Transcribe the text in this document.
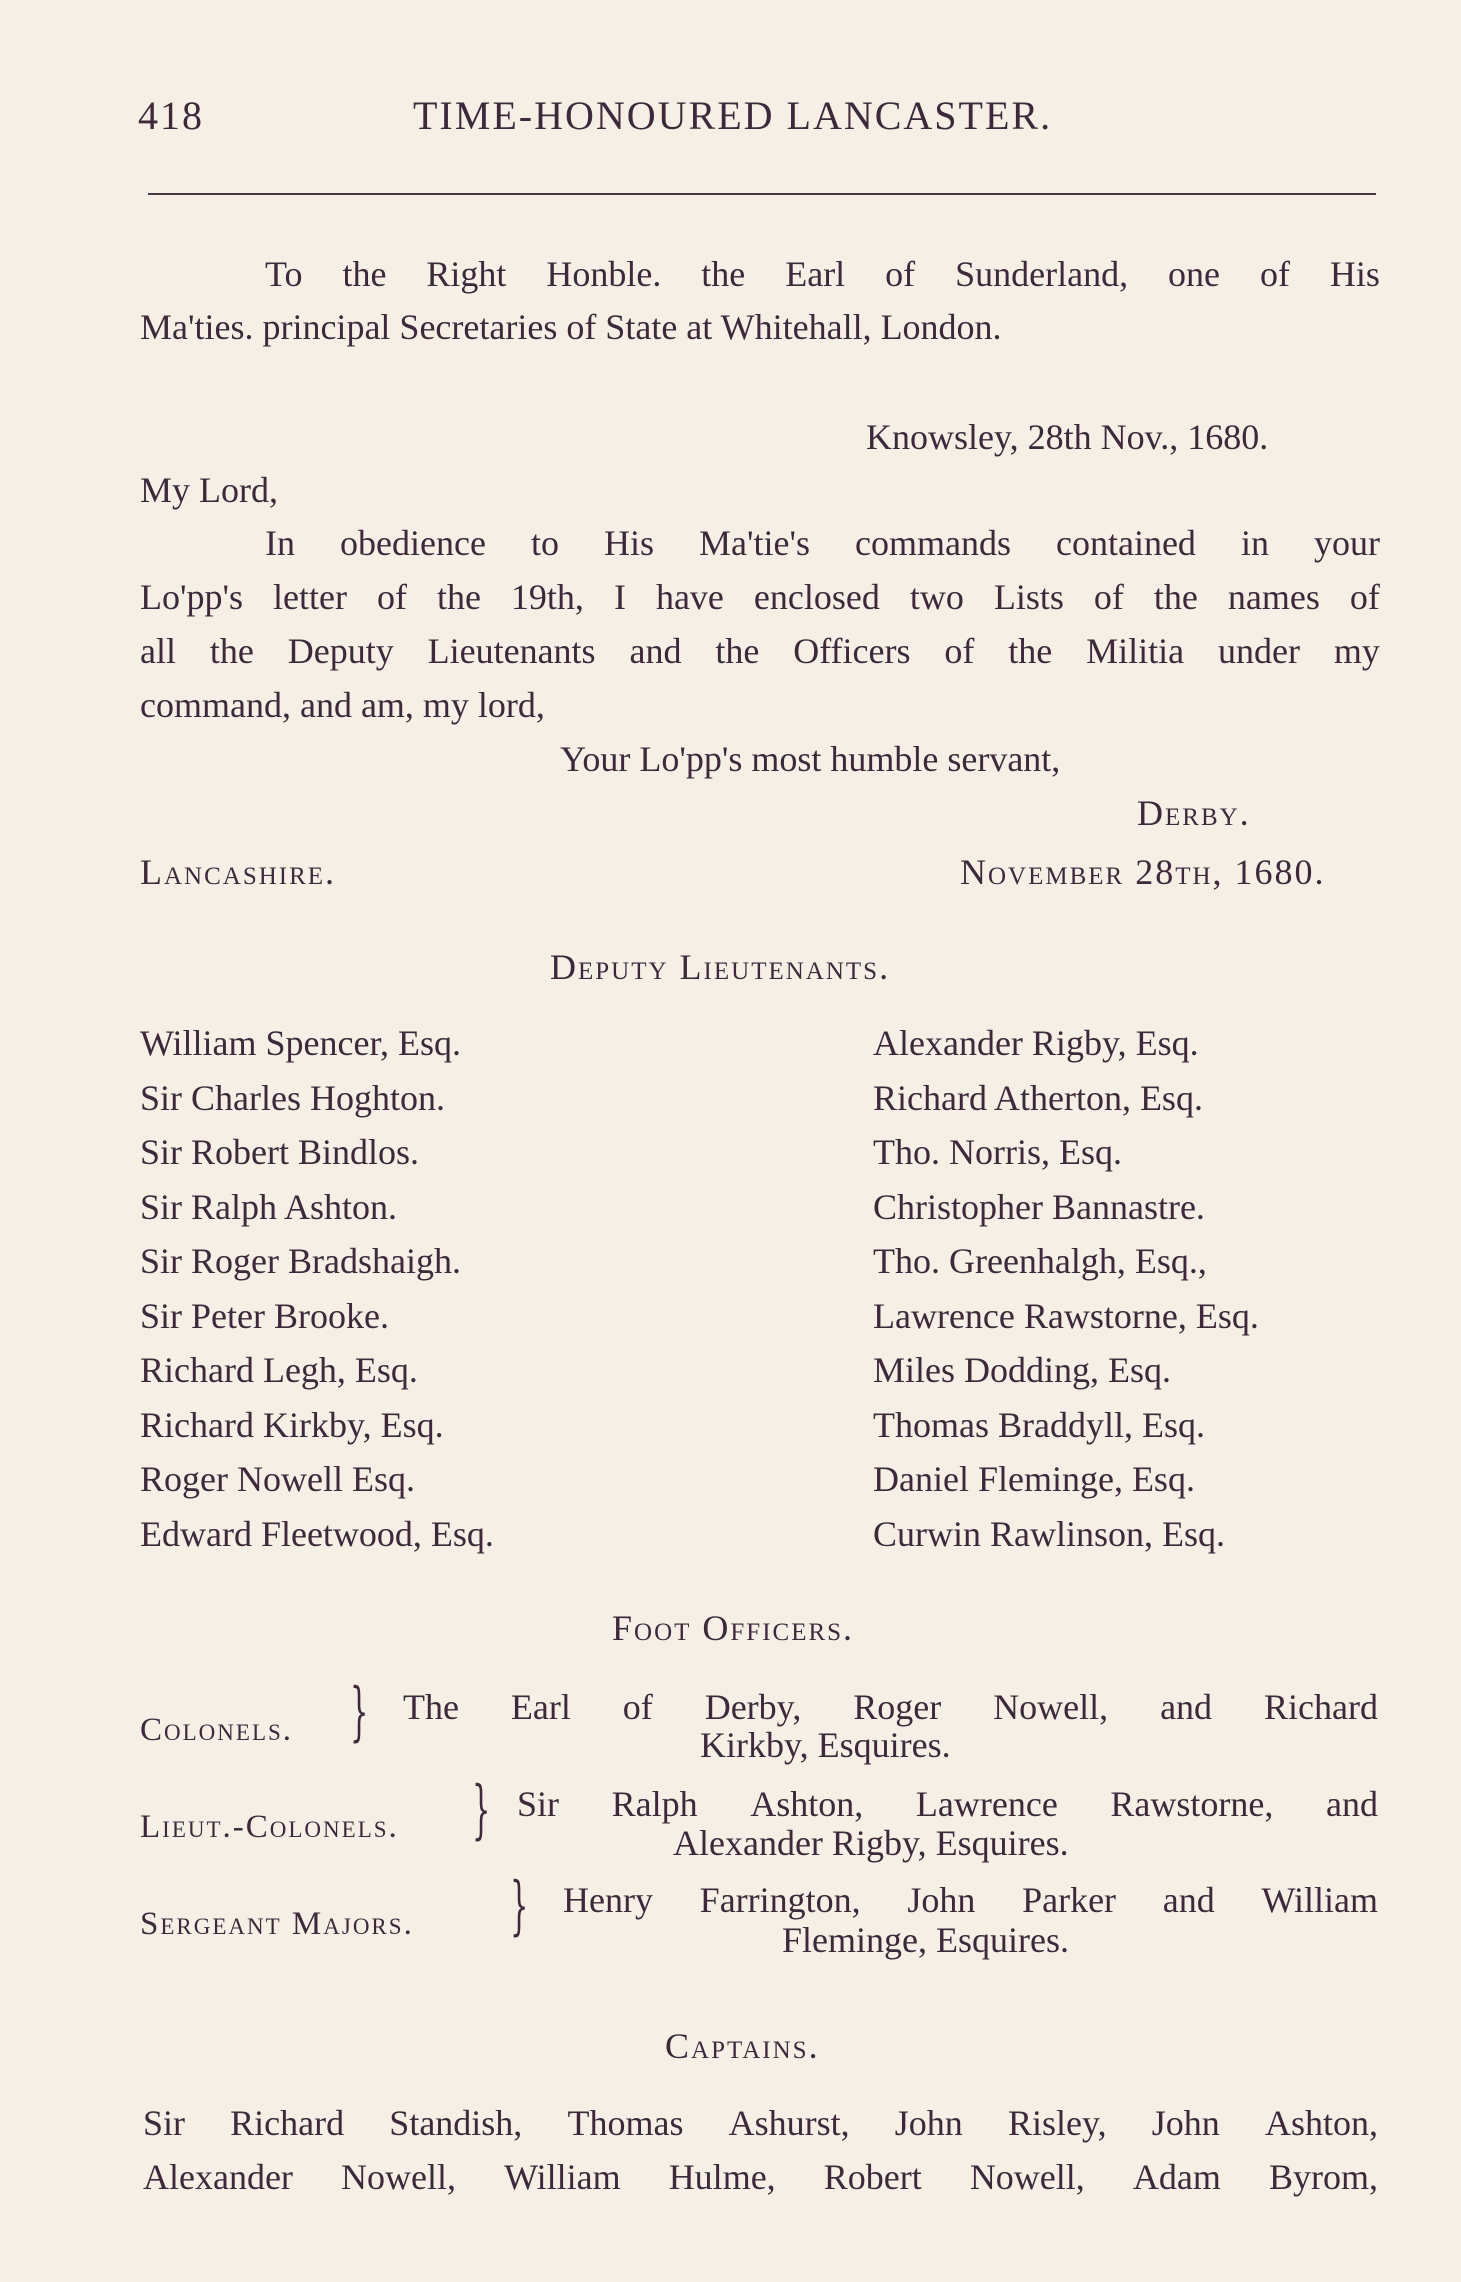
418	TIME-HONOURED LANCASTER.
To the Right Honble. the Earl of Sunderland, one of His
Ma'ties. principal Secretaries of State at Whitehall, London.
Knowsley, 28th Nov., 1680.
My Lord,
In obedience to His Ma'tie's commands contained in your
Lo'pp's letter of the 19th, I have enclosed two Lists of the names of
all the Deputy Lieutenants and the Officers of the Militia under my
command, and am, my lord,
Your Lo'pp's most humble servant,
Derby.
Lancashire.	November 28th, 1680.
Deputy Lieutenants.
William Spencer, Esq.
Sir Charles Hoghton.
Sir Robert Bindlos.
Sir Ralph Ashton.
Sir Roger Bradshaigh.
Sir Peter Brooke.
Richard Legh, Esq.
Richard Kirkby, Esq.
Roger Nowell Esq.
Edward Fleetwood, Esq.
Alexander Rigby, Esq.
Richard Atherton, Esq.
Tho. Norris, Esq.
Christopher Bannastre.
Tho. Greenhalgh, Esq.,
Lawrence Rawstorne, Esq.
Miles Dodding, Esq.
Thomas Braddyll, Esq.
Daniel Fleminge, Esq.
Curwin Rawlinson, Esq.
Foot Officers.
Colonels. } The Earl of Derby, Roger Nowell, and Richard
Kirkby, Esquires.
Lieut.-Colonels. } Sir Ralph Ashton, Lawrence Rawstorne, and
Alexander Rigby, Esquires.
Sergeant Majors. } Henry Farrington, John Parker and William
Fleminge, Esquires.
Captains.
Sir Richard Standish, Thomas Ashurst, John Risley, John Ashton,
Alexander Nowell, William Hulme, Robert Nowell, Adam Byrom,
